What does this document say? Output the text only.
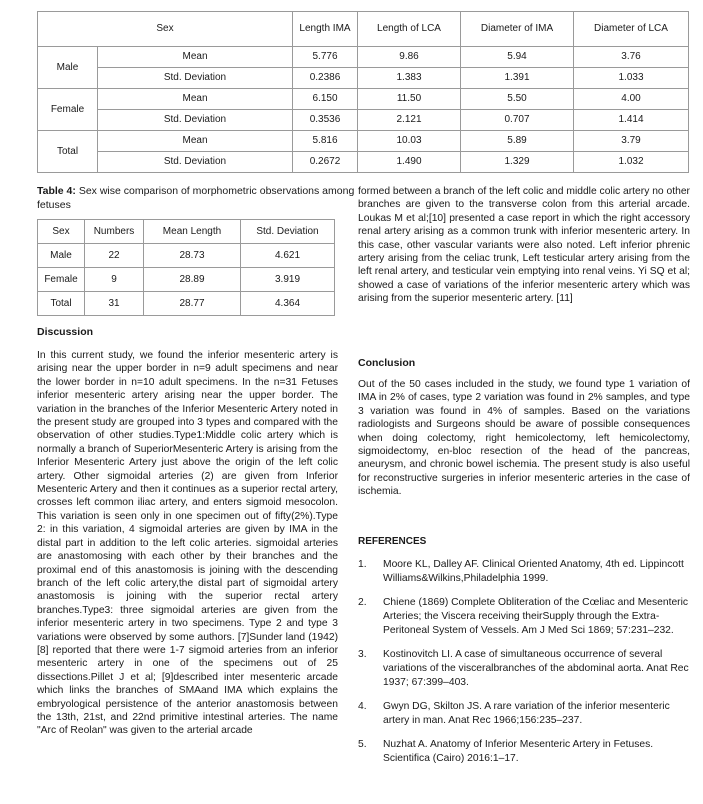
Sex		Length IMA	Length of LCA	Diameter of IMA	Diameter of LCA
Male	Mean	5.776	9.86	5.94	3.76
	Std. Deviation	0.2386	1.383	1.391	1.033
Female	Mean	6.150	11.50	5.50	4.00
	Std. Deviation	0.3536	2.121	0.707	1.414
Total	Mean	5.816	10.03	5.89	3.79
	Std. Deviation	0.2672	1.490	1.329	1.032
Table 4: Sex wise comparison of morphometric observations among fetuses
Sex	Numbers	Mean Length	Std. Deviation
Male	22	28.73	4.621
Female	9	28.89	3.919
Total	31	28.77	4.364
Discussion

In this current study, we found the inferior mesenteric artery is arising near the upper border in n=9 adult specimens and near the lower border in n=10 adult specimens. In the n=31 Fetuses inferior mesenteric artery arising near the upper border. The variation in the branches of the Inferior Mesenteric Artery noted in the present study are grouped into 3 types and compared with the observation of other studies.Type1:Middle colic artery which is normally a branch of SuperiorMesenteric Artery is arising from the Inferior Mesenteric Artery just above the origin of the left colic artery. Other sigmoidal arteries (2) are given from Inferior Mesenteric Artery and then it continues as a superior rectal artery, crosses left common iliac artery, and enters sigmoid mesocolon. This variation is seen only in one specimen out of fifty(2%).Type 2: in this variation, 4 sigmoidal arteries are given by IMA in the distal part in addition to the left colic arteries. sigmoidal arteries are anastomosing with each other by their branches and the proximal end of this anastomosis is joining with the descending branch of the left colic artery,the distal part of sigmoidal artery anastomosis is joining with the superior rectal artery branches.Type3: three sigmoidal arteries are given from the inferior mesenteric artery in two specimens. Type 2 and type 3 variations were observed by some authors. [7]Sunder land (1942)[8] reported that there were 1-7 sigmoid arteries from an inferior mesenteric artery in one of the specimens out of 25 dissections.Pillet J et al; [9]described inter mesenteric arcade which links the branches of SMAand IMA which explains the embryological persistence of the anterior anastomosis between the 13th, 21st, and 22nd primitive intestinal arteries. The name "Arc of Reolan" was given to the arterial arcade

formed between a branch of the left colic and middle colic artery no other branches are given to the transverse colon from this arterial arcade. Loukas M et al;[10] presented a case report in which the right accessory renal artery arising as a common trunk with inferior mesenteric artery. In this case, other vascular variants were also noted. Left inferior phrenic artery arising from the celiac trunk, Left testicular artery arising from the left renal artery, and testicular vein emptying into renal veins. Yi SQ et al; showed a case of variations of the inferior mesenteric artery which was arising from the superior mesenteric artery. [11]

Conclusion

Out of the 50 cases included in the study, we found type 1 variation of IMA in 2% of cases, type 2 variation was found in 2% samples, and type 3 variation was found in 4% of samples. Based on the variations radiologists and Surgeons should be aware of possible consequences when doing colectomy, right hemicolectomy, left hemicolectomy, sigmoidectomy, en-bloc resection of the head of the pancreas, aneurysm, and chronic bowel ischemia. The present study is also useful for reconstructive surgeries in inferior mesenteric arteries in the case of ischemia.

REFERENCES
1.	Moore KL, Dalley AF. Clinical Oriented Anatomy, 4th ed. Lippincott Williams&Wilkins,Philadelphia 1999.
2.	Chiene (1869) Complete Obliteration of the Cœliac and Mesenteric Arteries; the Viscera receiving theirSupply through the Extra-Peritoneal System of Vessels. Am J Med Sci 1869; 57:231–232.
3.	Kostinovitch LI. A case of simultaneous occurrence of several variations of the visceralbranches of the abdominal aorta. Anat Rec 1937; 67:399–403.
4.	Gwyn DG, Skilton JS. A rare variation of the inferior mesenteric artery in man. Anat Rec 1966;156:235–237.
5.	Nuzhat A. Anatomy of Inferior Mesenteric Artery in Fetuses. Scientifica (Cairo) 2016:1–17.
